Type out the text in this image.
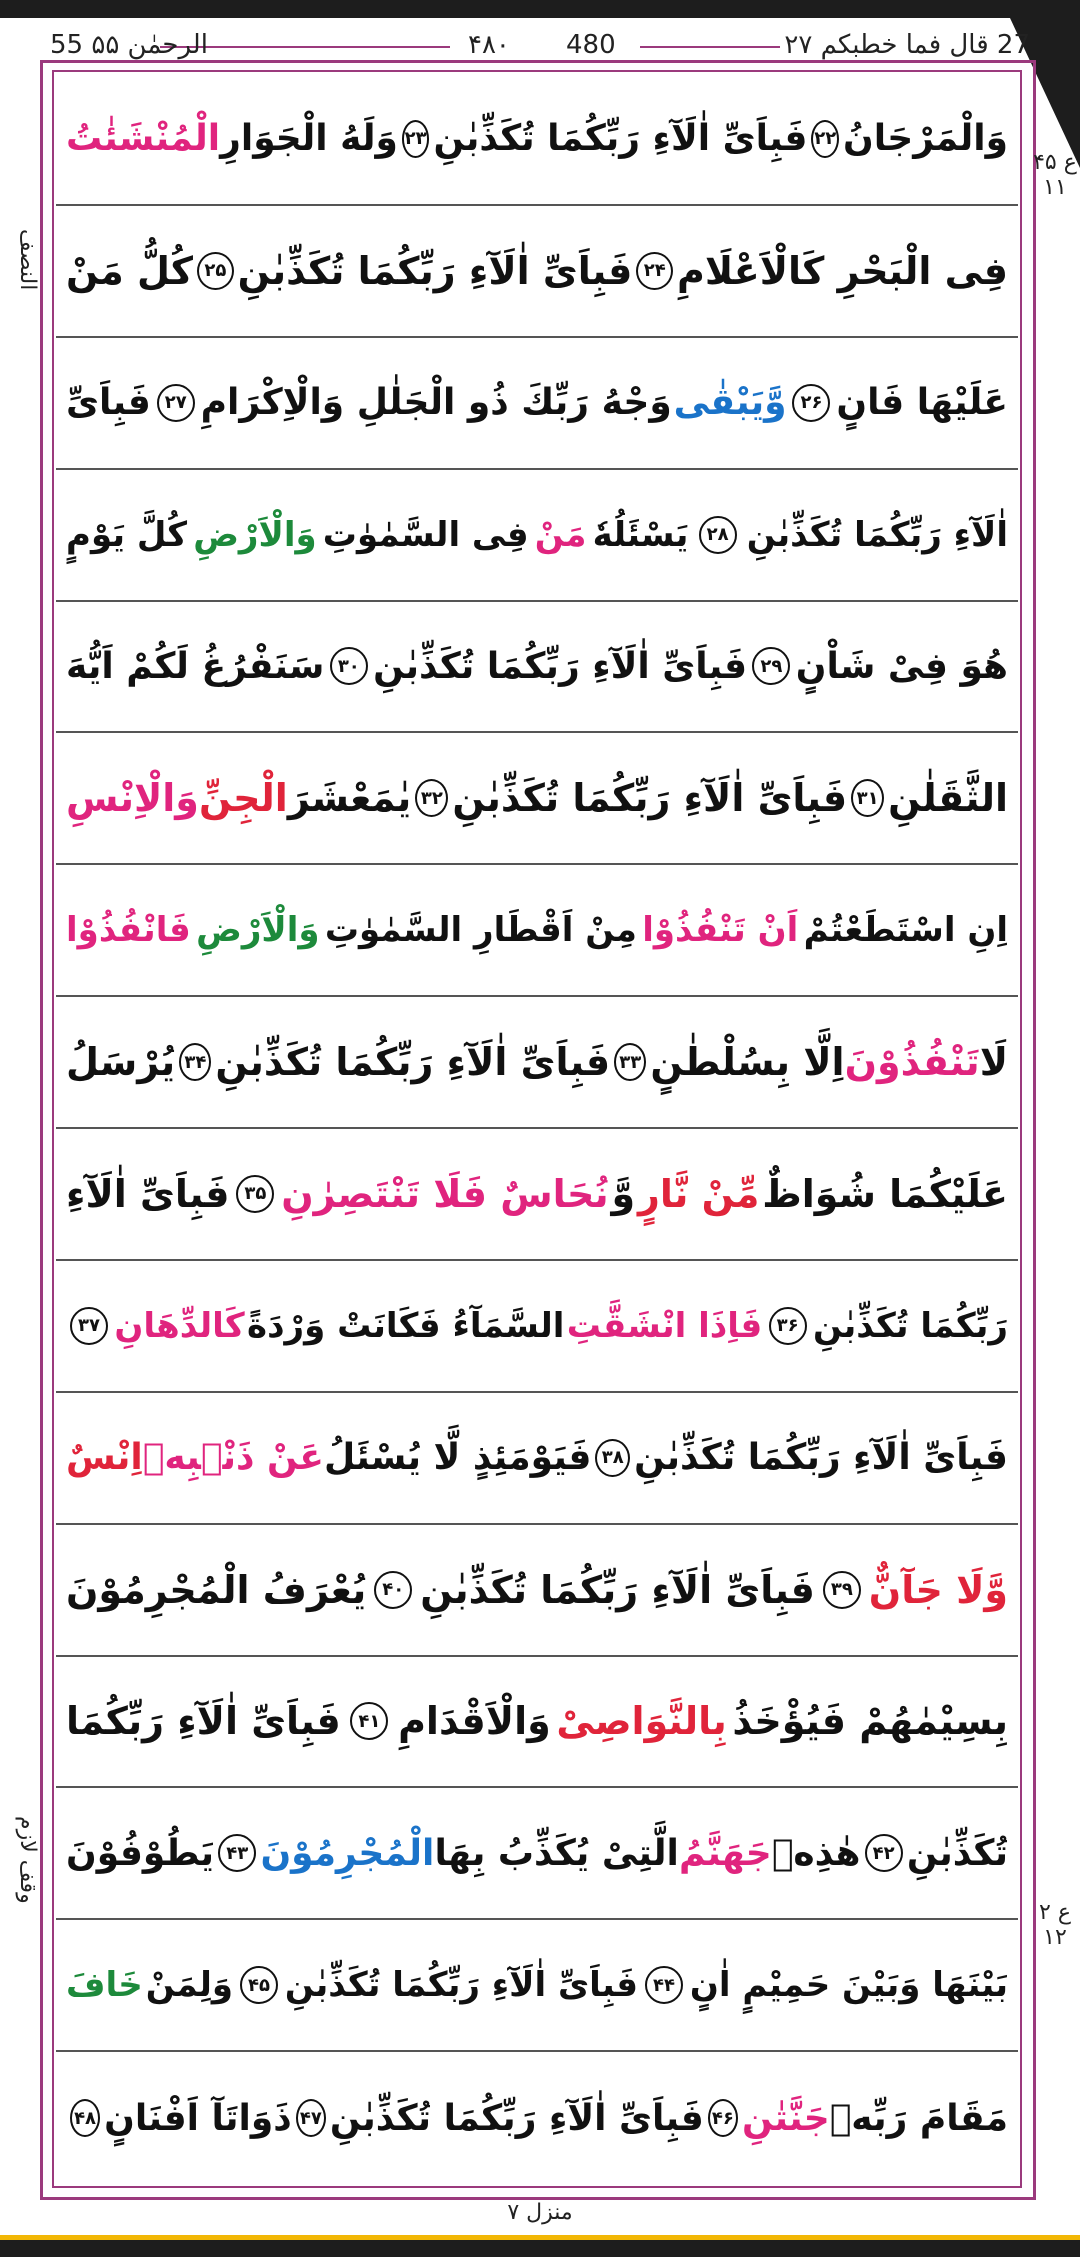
55 الرحمٰن ۵۵	۴۸۰ 480	27 قال فما خطبکم ۲۷
وَالْمَرْجَانُ
۲۲
فَبِاَیِّ اٰلَآءِ رَبِّکُمَا تُکَذِّبٰنِ
۲۳
وَلَهُ الْجَوَارِ
الْمُنْشَئٰتُ
فِی الْبَحْرِ كَالْاَعْلَامِ
۲۴
فَبِاَیِّ اٰلَآءِ رَبِّکُمَا تُکَذِّبٰنِ
۲۵
كُلُّ مَنْ
عَلَیْهَا فَانٍ
۲۶
وَّیَبْقٰى
وَجْهُ رَبِّكَ ذُو الْجَلٰلِ وَالْاِكْرَامِ
۲۷
فَبِاَیِّ
اٰلَآءِ رَبِّکُمَا تُکَذِّبٰنِ
۲۸
یَسْئَلُهٗ
مَنْ
فِی السَّمٰوٰتِ
وَالْاَرْضِ
كُلَّ یَوْمٍ
هُوَ فِیْ شَاْنٍ
۲۹
فَبِاَیِّ اٰلَآءِ رَبِّکُمَا تُکَذِّبٰنِ
۳۰
سَنَفْرُغُ لَكُمْ اَیُّهَ
الثَّقَلٰنِ
۳۱
فَبِاَیِّ اٰلَآءِ رَبِّکُمَا تُکَذِّبٰنِ
۳۲
یٰمَعْشَرَ
الْجِنِّ
وَالْاِنْسِ
اِنِ اسْتَطَعْتُمْ
اَنْ تَنْفُذُوْا
مِنْ اَقْطَارِ السَّمٰوٰتِ
وَالْاَرْضِ
فَانْفُذُوْا
لَا
تَنْفُذُوْنَ
اِلَّا بِسُلْطٰنٍ
۳۳
فَبِاَیِّ اٰلَآءِ رَبِّکُمَا تُکَذِّبٰنِ
۳۴
یُرْسَلُ
عَلَیْكُمَا شُوَاظٌ
مِّنْ نَّارٍ
وَّ
نُحَاسٌ فَلَا تَنْتَصِرٰنِ
۳۵
فَبِاَیِّ اٰلَآءِ
رَبِّکُمَا تُکَذِّبٰنِ
۳۶
فَاِذَا انْشَقَّتِ
السَّمَآءُ فَكَانَتْ وَرْدَةً
كَالدِّهَانِ
۳۷
فَبِاَیِّ اٰلَآءِ رَبِّکُمَا تُکَذِّبٰنِ
۳۸
فَیَوْمَئِذٍ لَّا یُسْئَلُ
عَنْ ذَنْۢبِهٖ
اِنْسٌ
وَّلَا جَآنٌّ
۳۹
فَبِاَیِّ اٰلَآءِ رَبِّکُمَا تُکَذِّبٰنِ
۴۰
یُعْرَفُ الْمُجْرِمُوْنَ
بِسِیْمٰهُمْ فَیُؤْخَذُ
بِالنَّوَاصِیْ
وَالْاَقْدَامِ
۴۱
فَبِاَیِّ اٰلَآءِ رَبِّکُمَا
تُکَذِّبٰنِ
۴۲
هٰذِهٖ
جَهَنَّمُ
الَّتِیْ یُكَذِّبُ بِهَا
الْمُجْرِمُوْنَ
۴۳
یَطُوْفُوْنَ
بَیْنَهَا وَبَیْنَ حَمِیْمٍ اٰنٍ
۴۴
فَبِاَیِّ اٰلَآءِ رَبِّکُمَا تُکَذِّبٰنِ
۴۵
وَلِمَنْ
خَافَ
مَقَامَ رَبِّهٖ
جَنَّتٰنِ
۴۶
فَبِاَیِّ اٰلَآءِ رَبِّکُمَا تُکَذِّبٰنِ
۴۷
ذَوَاتَآ اَفْنَانٍ
۴۸
۴۵ ع ۱۱
النصف
وقف لازم
ع ۲ ۱۲
منزل ۷
